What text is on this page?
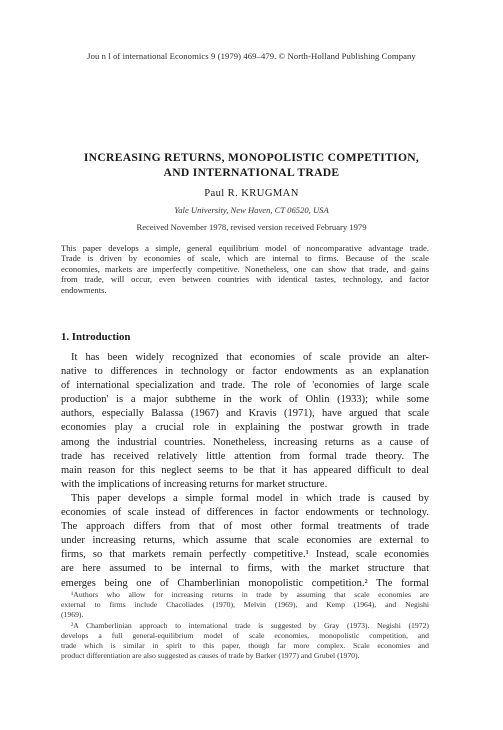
Jou n l of international Economics 9 (1979) 469–479. © North-Holland Publishing Company
INCREASING RETURNS, MONOPOLISTIC COMPETITION,
AND INTERNATIONAL TRADE
Paul R. KRUGMAN
Yale University, New Haven, CT 06520, USA
Received November 1978, revised version received February 1979
This paper develops a simple, general equilibrium model of noncomparative advantage trade.
Trade is driven by economies of scale, which are internal to firms. Because of the scale
economies, markets are imperfectly competitive. Nonetheless, one can show that trade, and gains
from trade, will occur, even between countries with identical tastes, technology, and factor
endowments.
1. Introduction
It has been widely recognized that economies of scale provide an alter-
native to differences in technology or factor endowments as an explanation
of international specialization and trade. The role of 'economies of large scale
production' is a major subtheme in the work of Ohlin (1933); while some
authors, especially Balassa (1967) and Kravis (1971), have argued that scale
economies play a crucial role in explaining the postwar growth in trade
among the industrial countries. Nonetheless, increasing returns as a cause of
trade has received relatively little attention from formal trade theory. The
main reason for this neglect seems to be that it has appeared difficult to deal
with the implications of increasing returns for market structure.
This paper develops a simple formal model in which trade is caused by
economies of scale instead of differences in factor endowments or technology.
The approach differs from that of most other formal treatments of trade
under increasing returns, which assume that scale economies are external to
firms, so that markets remain perfectly competitive.¹ Instead, scale economies
are here assumed to be internal to firms, with the market structure that
emerges being one of Chamberlinian monopolistic competition.² The formal
¹Authors who allow for increasing returns in trade by assuming that scale economies are
external to firms include Chacoliades (1970), Melvin (1969), and Kemp (1964), and Negishi
(1969).
²A Chamberlinian approach to international trade is suggested by Gray (1973). Negishi (1972)
develops a full general-equilibrium model of scale economies, monopolistic competition, and
trade which is similar in spirit to this paper, though far more complex. Scale economies and
product differentiation are also suggested as causes of trade by Barker (1977) and Grubel (1970).
